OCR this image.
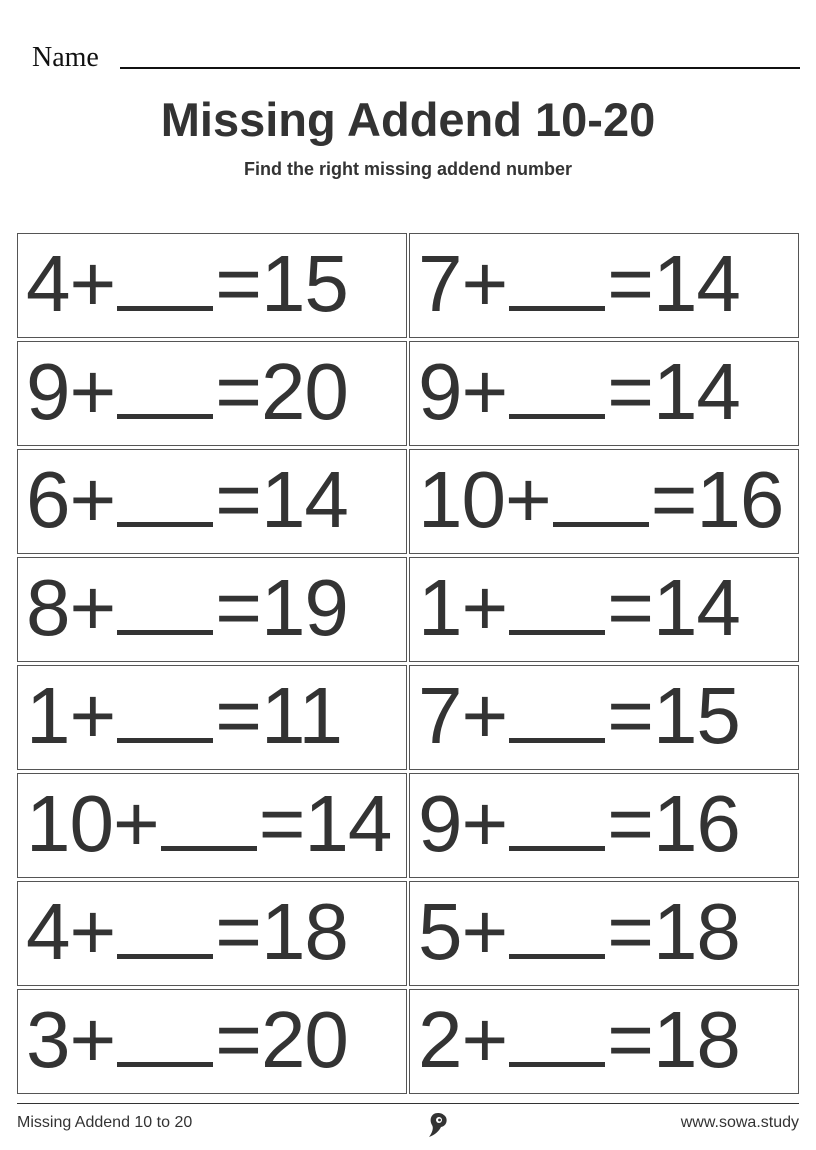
Name
Missing Addend 10-20
Find the right missing addend number
4+ =15 7+ =14
9+ =20 9+ =14
6+ =14 10+ =16
8+ =19 1+ =14
1+ =11 7+ =15
10+ =14 9+ =16
4+ =18 5+ =18
3+ =20 2+ =18
Missing Addend 10 to 20	www.sowa.study
